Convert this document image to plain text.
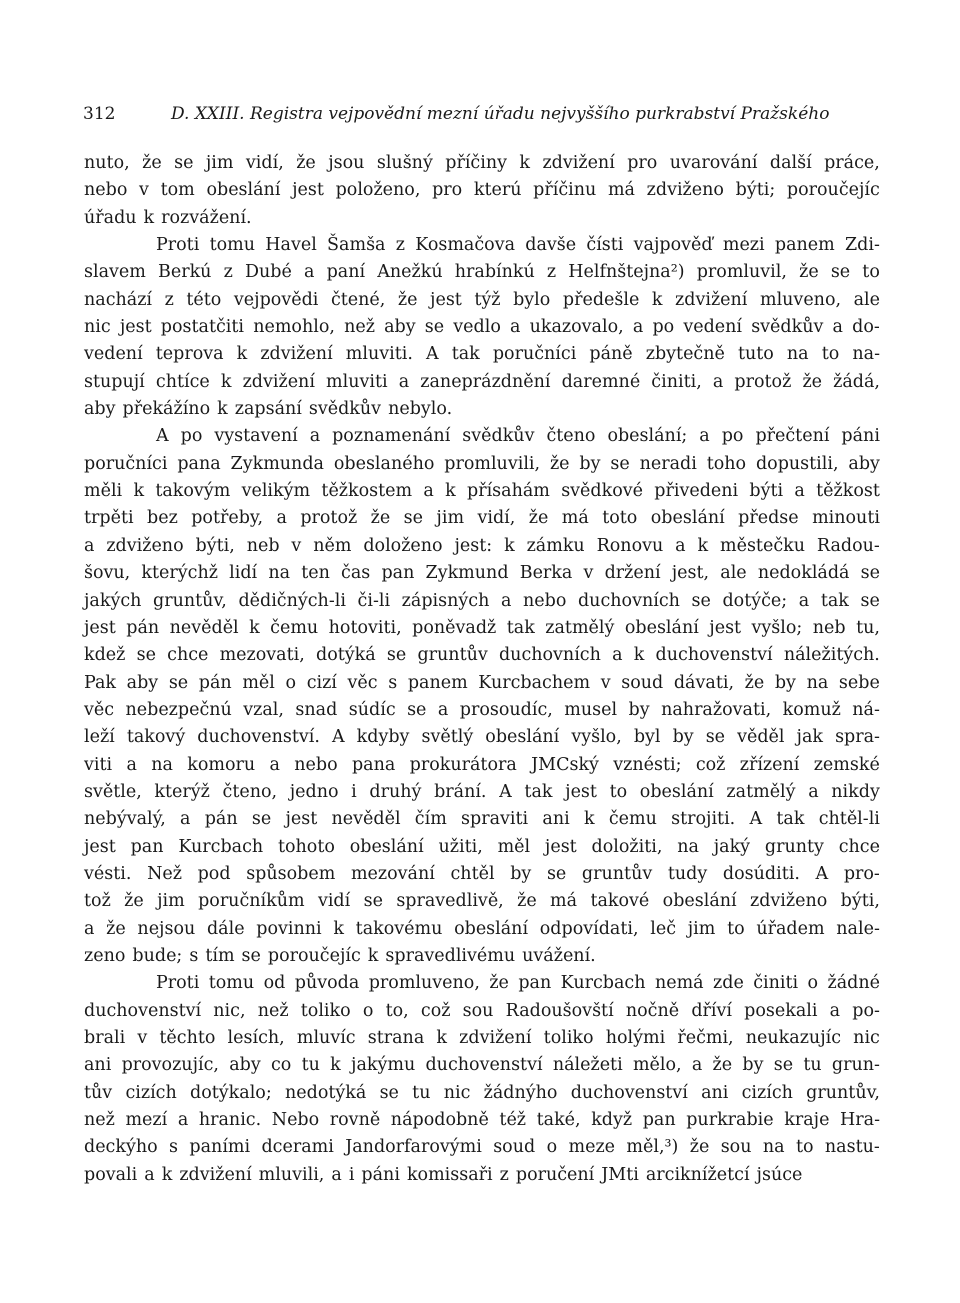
312	D. XXIII. Registra vejpovědní mezní úřadu nejvyššího purkrabství Pražského
nuto, že se jim vidí, že jsou slušný příčiny k zdvižení pro uvarování další práce,
nebo v tom obeslání jest položeno, pro kterú příčinu má zdviženo býti; poroučejíc
úřadu k rozvážení.
Proti tomu Havel Šamša z Kosmačova davše čísti vajpověď mezi panem Zdi-
slavem Berkú z Dubé a paní Anežkú hrabínkú z Helfnštejna²) promluvil, že se to
nachází z této vejpovědi čtené, že jest týž bylo předešle k zdvižení mluveno, ale
nic jest postatčiti nemohlo, než aby se vedlo a ukazovalo, a po vedení svědkův a do-
vedení teprova k zdvižení mluviti. A tak poručníci páně zbytečně tuto na to na-
stupují chtíce k zdvižení mluviti a zaneprázdnění daremné činiti, a protož že žádá,
aby překážíno k zapsání svědkův nebylo.
A po vystavení a poznamenání svědkův čteno obeslání; a po přečtení páni
poručníci pana Zykmunda obeslaného promluvili, že by se neradi toho dopustili, aby
měli k takovým velikým těžkostem a k přísahám svědkové přivedeni býti a těžkost
trpěti bez potřeby, a protož že se jim vidí, že má toto obeslání předse minouti
a zdviženo býti, neb v něm doloženo jest: k zámku Ronovu a k městečku Radou-
šovu, kterýchž lidí na ten čas pan Zykmund Berka v držení jest, ale nedokládá se
jakých gruntův, dědičných-li či-li zápisných a nebo duchovních se dotýče; a tak se
jest pán nevěděl k čemu hotoviti, poněvadž tak zatmělý obeslání jest vyšlo; neb tu,
kdež se chce mezovati, dotýká se gruntův duchovních a k duchovenství náležitých.
Pak aby se pán měl o cizí věc s panem Kurcbachem v soud dávati, že by na sebe
věc nebezpečnú vzal, snad súdíc se a prosoudíc, musel by nahražovati, komuž ná-
leží takový duchovenství. A kdyby světlý obeslání vyšlo, byl by se věděl jak spra-
viti a na komoru a nebo pana prokurátora JMCský vznésti; což zřízení zemské
světle, kterýž čteno, jedno i druhý brání. A tak jest to obeslání zatmělý a nikdy
nebývalý, a pán se jest nevěděl čím spraviti ani k čemu strojiti. A tak chtěl-li
jest pan Kurcbach tohoto obeslání užiti, měl jest doložiti, na jaký grunty chce
vésti. Než pod spůsobem mezování chtěl by se gruntův tudy dosúditi. A pro-
tož že jim poručníkům vidí se spravedlivě, že má takové obeslání zdviženo býti,
a že nejsou dále povinni k takovému obeslání odpovídati, leč jim to úřadem nale-
zeno bude; s tím se poroučejíc k spravedlivému uvážení.
Proti tomu od původa promluveno, že pan Kurcbach nemá zde činiti o žádné
duchovenství nic, než toliko o to, což sou Radoušovští nočně dříví posekali a po-
brali v těchto lesích, mluvíc strana k zdvižení toliko holými řečmi, neukazujíc nic
ani provozujíc, aby co tu k jakýmu duchovenství náležeti mělo, a že by se tu grun-
tův cizích dotýkalo; nedotýká se tu nic žádnýho duchovenství ani cizích gruntův,
než mezí a hranic. Nebo rovně nápodobně též také, když pan purkrabie kraje Hra-
deckýho s paními dcerami Jandorfarovými soud o meze měl,³) že sou na to nastu-
povali a k zdvižení mluvili, a i páni komissaři z poručení JMti arciknížetcí jsúce
